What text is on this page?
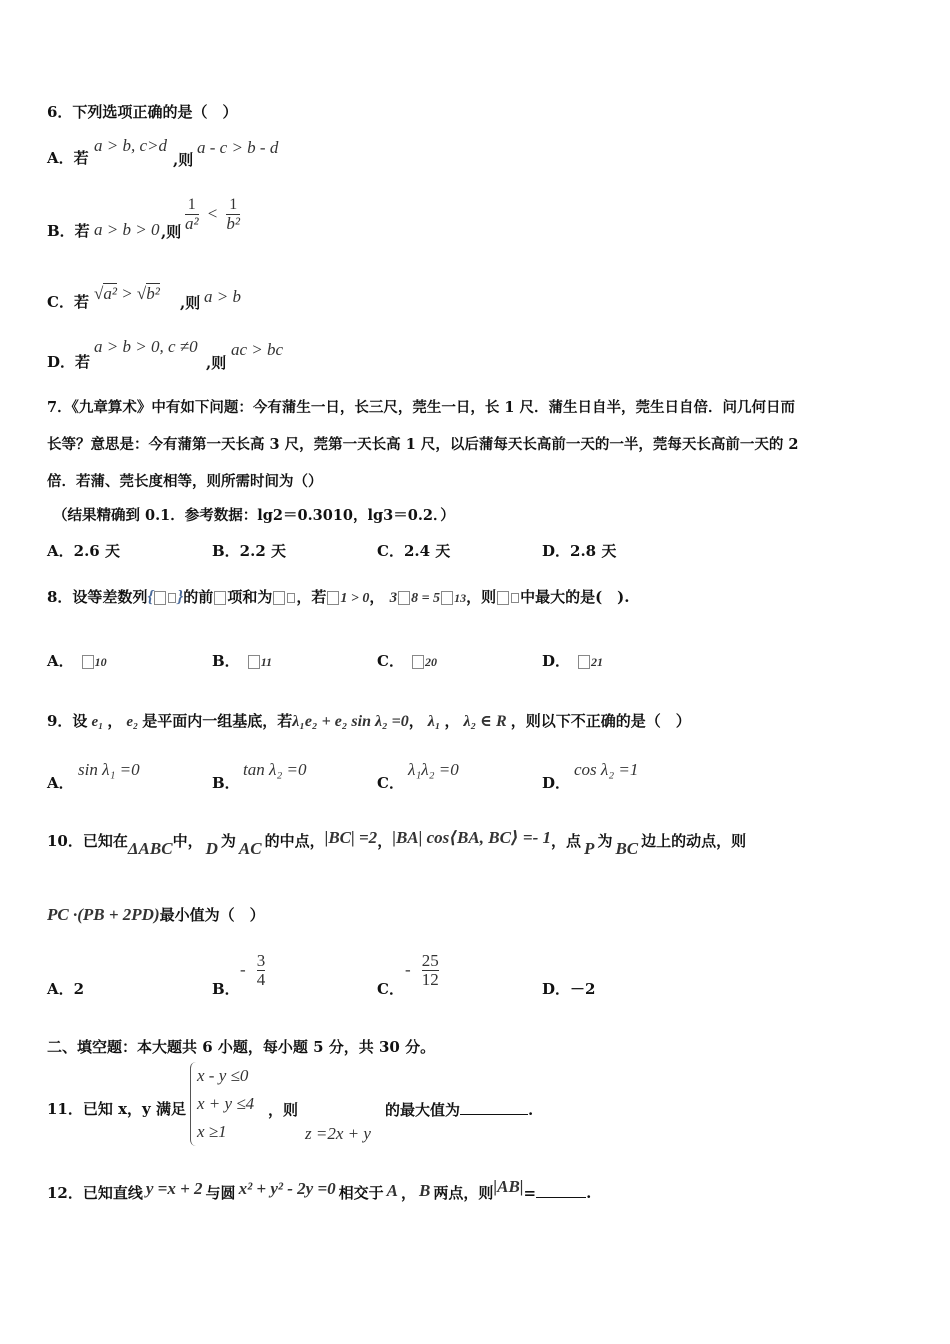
6．下列选项正确的是（　）
A．若
a > b, c>d
,则
a - c > b - d
B．若 a > b > 0 ,则 $\frac{1}{\text{a²}} < \frac{1}{\text{b²}}$
C．若 √a² > √b² ,则 a > b
D．若
a > b > 0, c ≠0
,则
ac > bc
7．《九章算术》中有如下问题：今有蒲生一日，长三尺，莞生一日，长 1 尺．蒲生日自半，莞生日自倍．问几何日而
长等？意思是：今有蒲第一天长高 3 尺，莞第一天长高 1 尺，以后蒲每天长高前一天的一半，莞每天长高前一天的 2
倍．若蒲、莞长度相等，则所需时间为（）
（结果精确到 0.1．参考数据：lg2＝0.3010，lg3＝0.2．）
A．2.6 天	B．2.2 天	C．2.4 天	D．2.8 天
8．设等差数列{ }的前 项和为 ，若 1 > 0， 3 8 = 5 13，则 中最大的是(　).
A． 10	B． 11	C． 20	D． 21
9．设 e₁ ， e₂ 是平面内一组基底，若λ₁e₂ + e₂ sin λ₂ =0， λ₁ ， λ₂ ∈ R ，则以下不正确的是（　）
A．
sin λ₁ =0
B．
tan λ₂ =0
C．
λ₁λ₂ =0
D．
cos λ₂ =1
10．已知在ΔABC中， D 为 AC 的中点，|BC| =2，|BA| cos⟨BA, BC⟩ =- 1，点 P 为 BC 边上的动点，则
PC ·(PB + 2PD)最小值为（　）
A．2	B．
- $\frac{3}{4}$	C．
- $\frac{25}{12}$	D．－2
二、填空题：本大题共 6 小题，每小题 5 分，共 30 分。
11．已知 x，y 满足
x - y ≤0
x + y ≤4
x ≥1
，则
z =2x + y
的最大值为	.
12．已知直线 y =x + 2 与圆 x² + y² - 2y =0 相交于 A ， B 两点，则|AB|=	.
